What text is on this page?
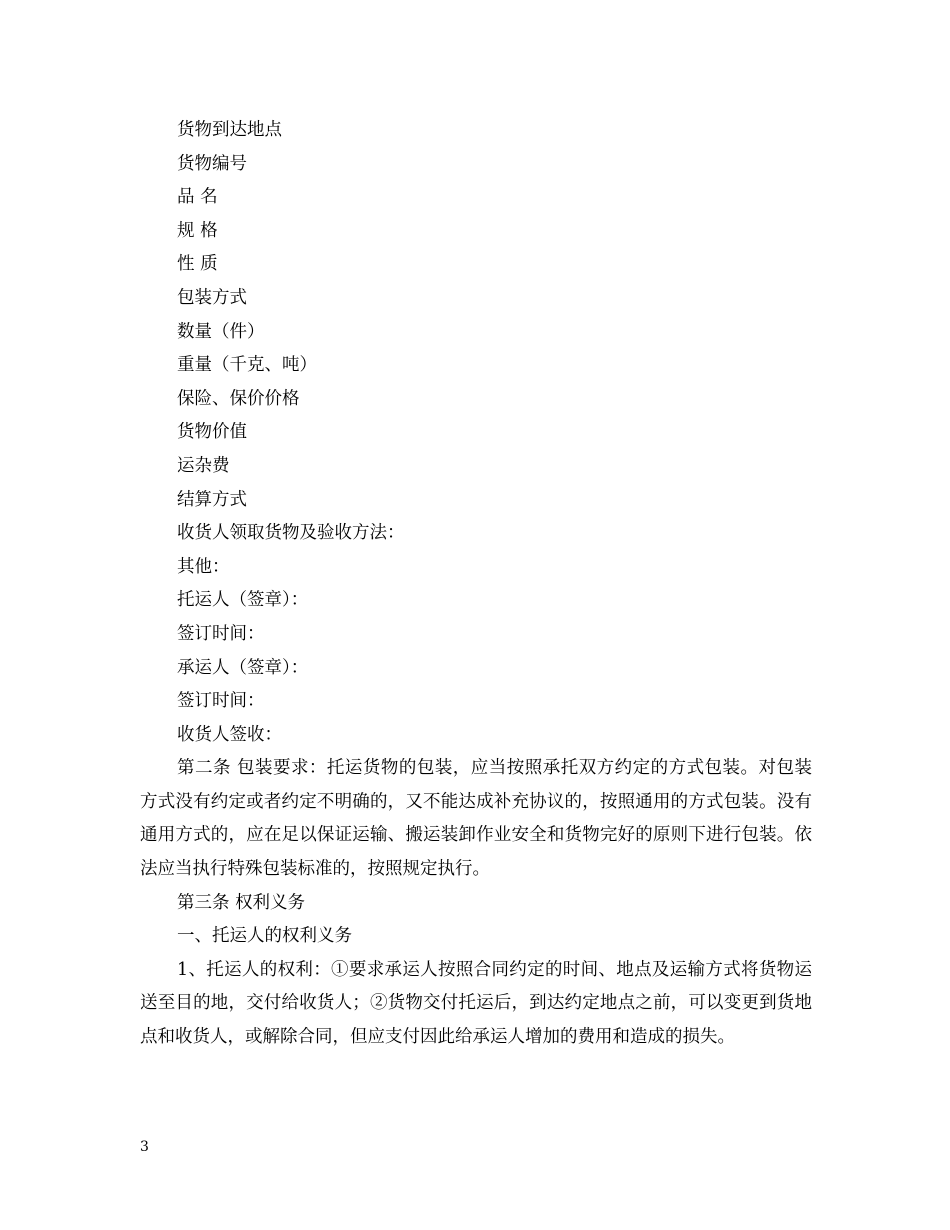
货物到达地点
货物编号
品 名
规 格
性 质
包装方式
数量（件）
重量（千克、吨）
保险、保价价格
货物价值
运杂费
结算方式
收货人领取货物及验收方法：
其他：
托运人（签章）：
签订时间：
承运人（签章）：
签订时间：
收货人签收：

第二条 包装要求：托运货物的包装，应当按照承托双方约定的方式包装。对包装方式没有约定或者约定不明确的，又不能达成补充协议的，按照通用的方式包装。没有通用方式的，应在足以保证运输、搬运装卸作业安全和货物完好的原则下进行包装。依法应当执行特殊包装标准的，按照规定执行。

第三条 权利义务
一、托运人的权利义务

1、托运人的权利：①要求承运人按照合同约定的时间、地点及运输方式将货物运送至目的地，交付给收货人；②货物交付托运后，到达约定地点之前，可以变更到货地点和收货人，或解除合同，但应支付因此给承运人增加的费用和造成的损失。

3
